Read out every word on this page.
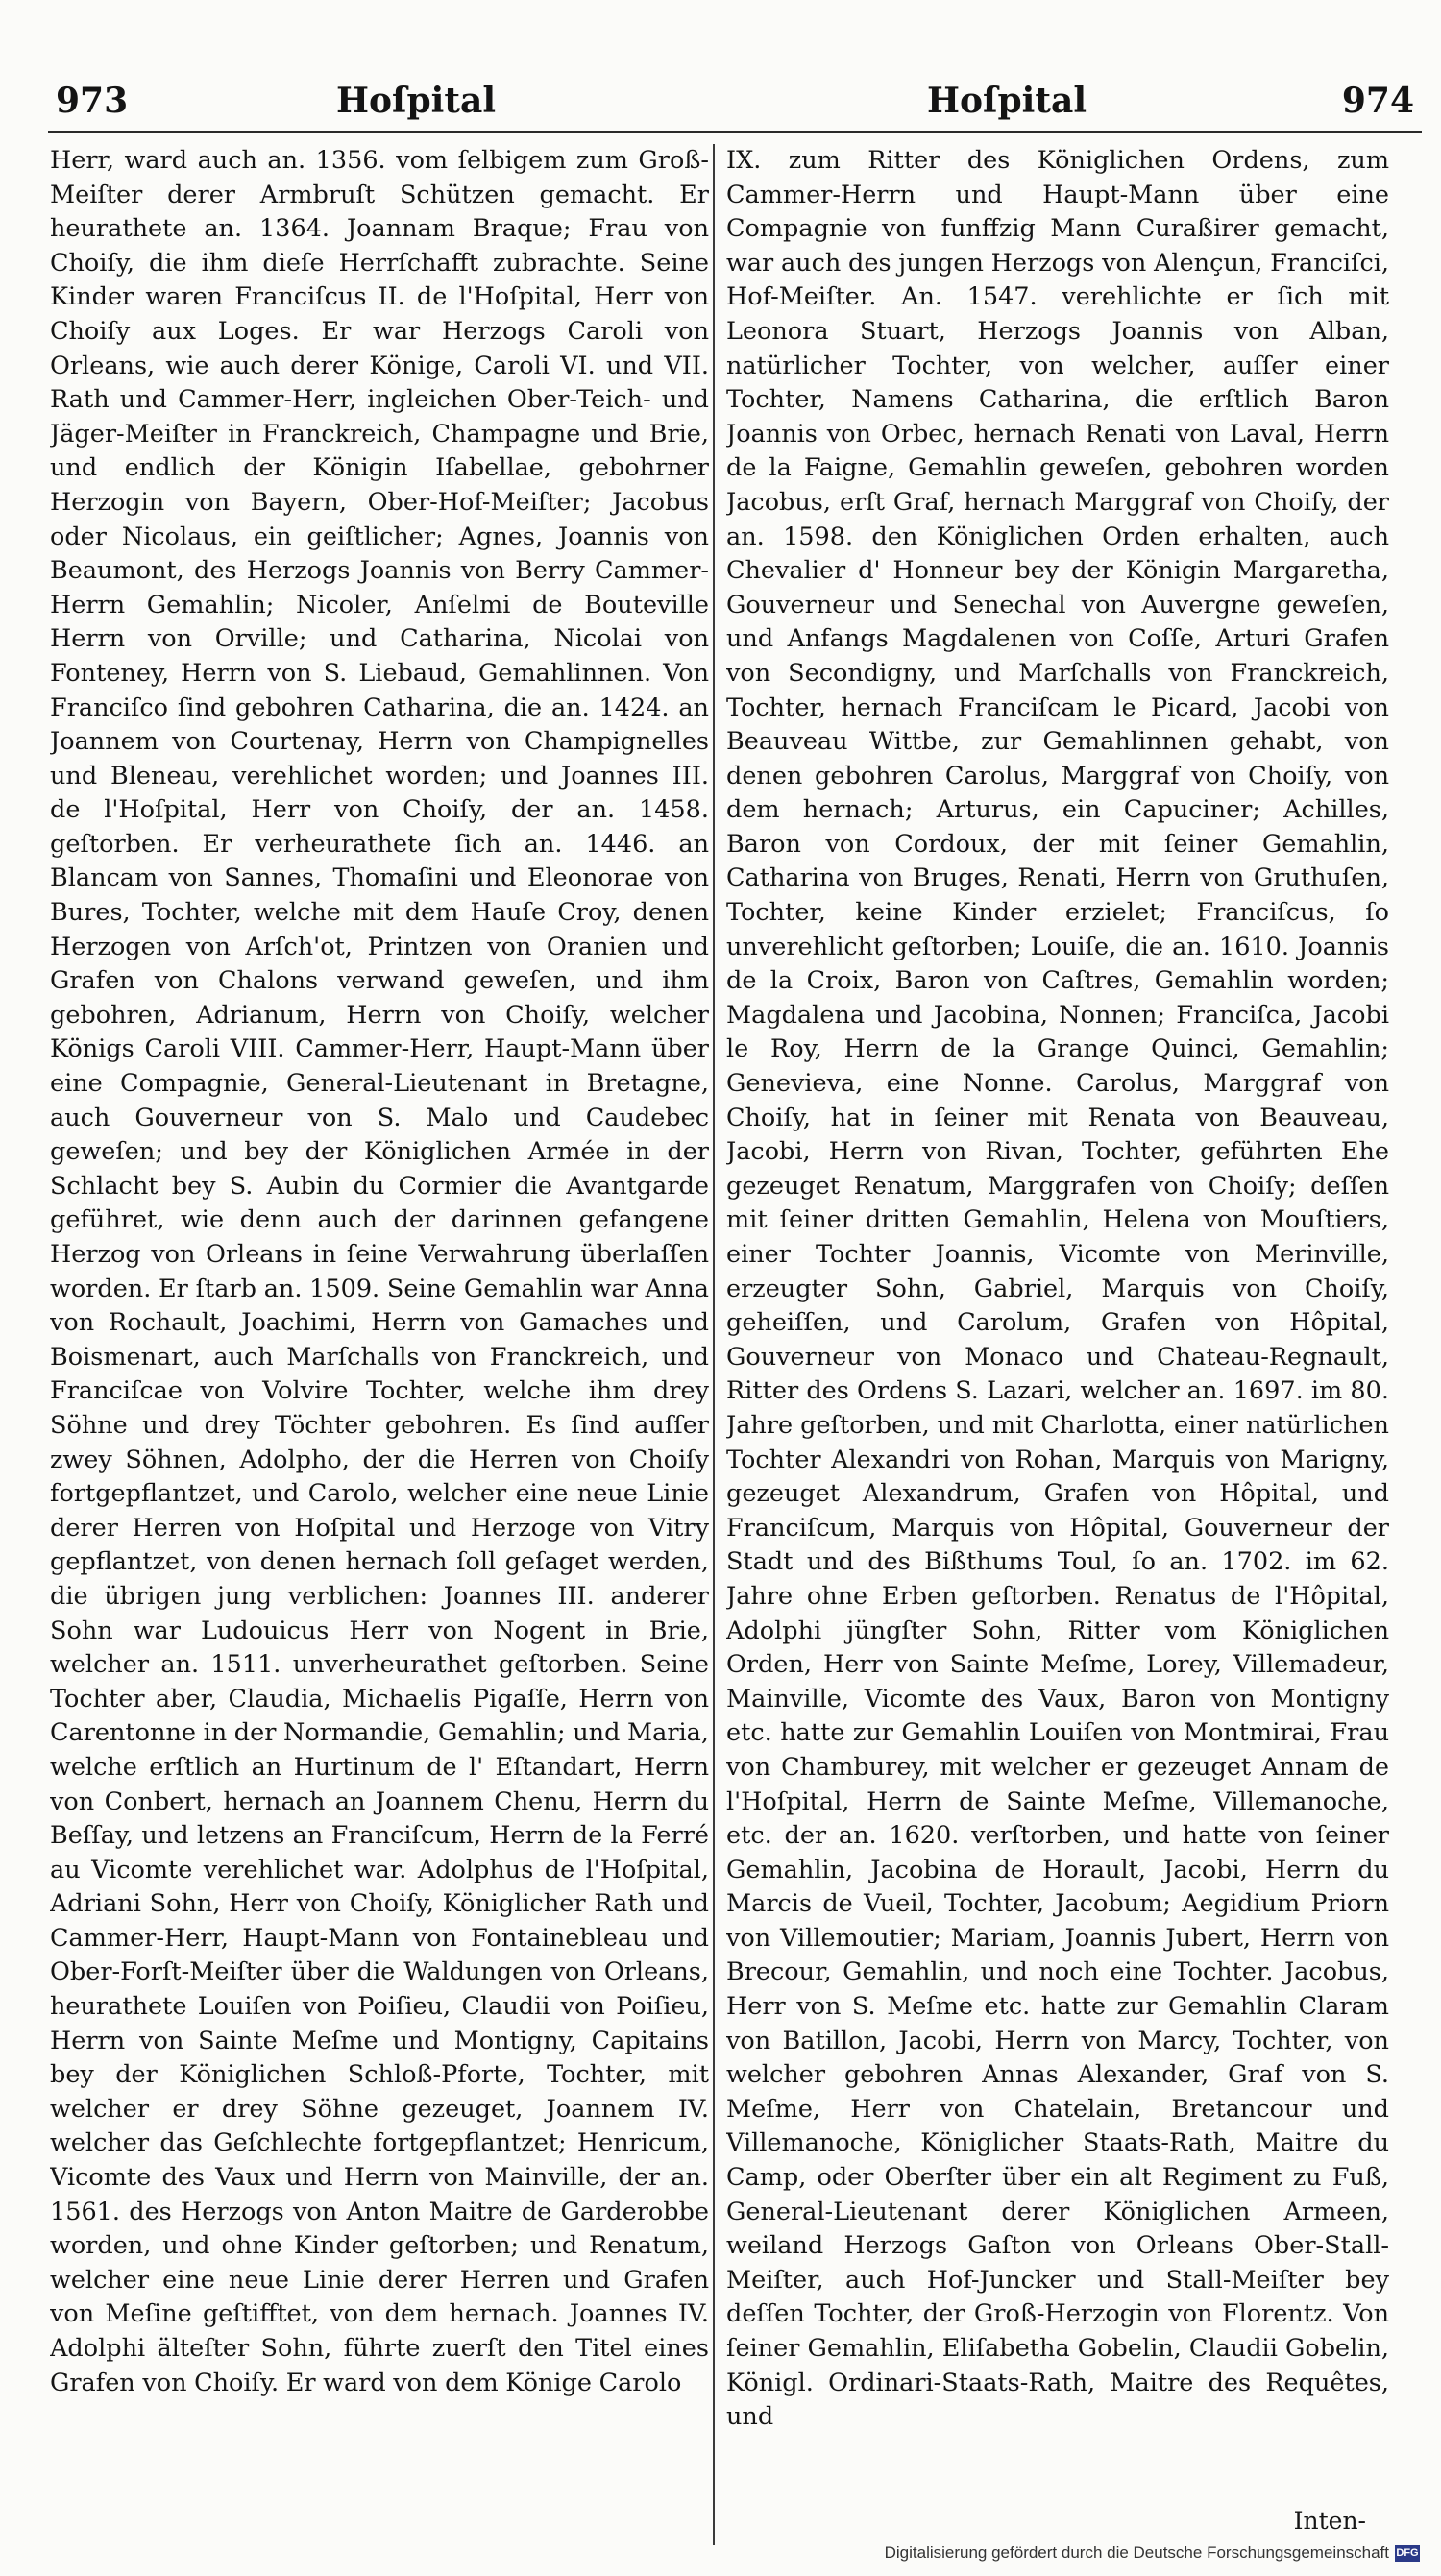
973	Hoſpital	Hoſpital	974

Herr, ward auch an. 1356. vom ſelbigem zum Groß-Meiſter derer Armbruſt Schützen gemacht. Er heurathete an. 1364. Joannam Braque; Frau von Choiſy, die ihm dieſe Herrſchafft zubrachte. Seine Kinder waren Franciſcus II. de l'Hoſpital, Herr von Choiſy aux Loges. Er war Herzogs Caroli von Orleans, wie auch derer Könige, Caroli VI. und VII. Rath und Cammer-Herr, ingleichen Ober-Teich- und Jäger-Meiſter in Franckreich, Champagne und Brie, und endlich der Königin Iſabellae, gebohrner Herzogin von Bayern, Ober-Hof-Meiſter; Jacobus oder Nicolaus, ein geiſtlicher; Agnes, Joannis von Beaumont, des Herzogs Joannis von Berry Cammer-Herrn Gemahlin; Nicoler, Anſelmi de Bouteville Herrn von Orville; und Catharina, Nicolai von Fonteney, Herrn von S. Liebaud, Gemahlinnen. Von Franciſco ſind gebohren Catharina, die an. 1424. an Joannem von Courtenay, Herrn von Champignelles und Bleneau, verehlichet worden; und Joannes III. de l'Hoſpital, Herr von Choiſy, der an. 1458. geſtorben. Er verheurathete ſich an. 1446. an Blancam von Sannes, Thomaſini und Eleonorae von Bures, Tochter, welche mit dem Hauſe Croy, denen Herzogen von Arſch'ot, Printzen von Oranien und Grafen von Chalons verwand geweſen, und ihm gebohren, Adrianum, Herrn von Choiſy, welcher Königs Caroli VIII. Cammer-Herr, Haupt-Mann über eine Compagnie, General-Lieutenant in Bretagne, auch Gouverneur von S. Malo und Caudebec geweſen; und bey der Königlichen Armée in der Schlacht bey S. Aubin du Cormier die Avantgarde geführet, wie denn auch der darinnen gefangene Herzog von Orleans in ſeine Verwahrung überlaſſen worden. Er ſtarb an. 1509. Seine Gemahlin war Anna von Rochault, Joachimi, Herrn von Gamaches und Boismenart, auch Marſchalls von Franckreich, und Franciſcae von Volvire Tochter, welche ihm drey Söhne und drey Töchter gebohren. Es ſind auſſer zwey Söhnen, Adolpho, der die Herren von Choiſy fortgepflantzet, und Carolo, welcher eine neue Linie derer Herren von Hoſpital und Herzoge von Vitry gepflantzet, von denen hernach ſoll geſaget werden, die übrigen jung verblichen: Joannes III. anderer Sohn war Ludouicus Herr von Nogent in Brie, welcher an. 1511. unverheurathet geſtorben. Seine Tochter aber, Claudia, Michaelis Pigaſſe, Herrn von Carentonne in der Normandie, Gemahlin; und Maria, welche erſtlich an Hurtinum de l' Eſtandart, Herrn von Conbert, hernach an Joannem Chenu, Herrn du Beſſay, und letzens an Franciſcum, Herrn de la Ferré au Vicomte verehlichet war. Adolphus de l'Hoſpital, Adriani Sohn, Herr von Choiſy, Königlicher Rath und Cammer-Herr, Haupt-Mann von Fontainebleau und Ober-Forſt-Meiſter über die Waldungen von Orleans, heurathete Louiſen von Poiſieu, Claudii von Poiſieu, Herrn von Sainte Meſme und Montigny, Capitains bey der Königlichen Schloß-Pforte, Tochter, mit welcher er drey Söhne gezeuget, Joannem IV. welcher das Geſchlechte fortgepflantzet; Henricum, Vicomte des Vaux und Herrn von Mainville, der an. 1561. des Herzogs von Anton Maitre de Garderobbe worden, und ohne Kinder geſtorben; und Renatum, welcher eine neue Linie derer Herren und Grafen von Meſine geſtifftet, von dem hernach. Joannes IV. Adolphi älteſter Sohn, führte zuerſt den Titel eines Grafen von Choiſy. Er ward von dem Könige Carolo

IX. zum Ritter des Königlichen Ordens, zum Cammer-Herrn und Haupt-Mann über eine Compagnie von funffzig Mann Curaßirer gemacht, war auch des jungen Herzogs von Alençun, Franciſci, Hof-Meiſter. An. 1547. verehlichte er ſich mit Leonora Stuart, Herzogs Joannis von Alban, natürlicher Tochter, von welcher, auſſer einer Tochter, Namens Catharina, die erſtlich Baron Joannis von Orbec, hernach Renati von Laval, Herrn de la Faigne, Gemahlin geweſen, gebohren worden Jacobus, erſt Graf, hernach Marggraf von Choiſy, der an. 1598. den Königlichen Orden erhalten, auch Chevalier d' Honneur bey der Königin Margaretha, Gouverneur und Senechal von Auvergne geweſen, und Anfangs Magdalenen von Coſſe, Arturi Grafen von Secondigny, und Marſchalls von Franckreich, Tochter, hernach Franciſcam le Picard, Jacobi von Beauveau Wittbe, zur Gemahlinnen gehabt, von denen gebohren Carolus, Marggraf von Choiſy, von dem hernach; Arturus, ein Capuciner; Achilles, Baron von Cordoux, der mit ſeiner Gemahlin, Catharina von Bruges, Renati, Herrn von Gruthuſen, Tochter, keine Kinder erzielet; Franciſcus, ſo unverehlicht geſtorben; Louiſe, die an. 1610. Joannis de la Croix, Baron von Caſtres, Gemahlin worden; Magdalena und Jacobina, Nonnen; Franciſca, Jacobi le Roy, Herrn de la Grange Quinci, Gemahlin; Genevieva, eine Nonne. Carolus, Marggraf von Choiſy, hat in ſeiner mit Renata von Beauveau, Jacobi, Herrn von Rivan, Tochter, geführten Ehe gezeuget Renatum, Marggrafen von Choiſy; deſſen mit ſeiner dritten Gemahlin, Helena von Mouſtiers, einer Tochter Joannis, Vicomte von Merinville, erzeugter Sohn, Gabriel, Marquis von Choiſy, geheiſſen, und Carolum, Grafen von Hôpital, Gouverneur von Monaco und Chateau-Regnault, Ritter des Ordens S. Lazari, welcher an. 1697. im 80. Jahre geſtorben, und mit Charlotta, einer natürlichen Tochter Alexandri von Rohan, Marquis von Marigny, gezeuget Alexandrum, Grafen von Hôpital, und Franciſcum, Marquis von Hôpital, Gouverneur der Stadt und des Bißthums Toul, ſo an. 1702. im 62. Jahre ohne Erben geſtorben. Renatus de l'Hôpital, Adolphi jüngſter Sohn, Ritter vom Königlichen Orden, Herr von Sainte Meſme, Lorey, Villemadeur, Mainville, Vicomte des Vaux, Baron von Montigny etc. hatte zur Gemahlin Louiſen von Montmirai, Frau von Chamburey, mit welcher er gezeuget Annam de l'Hoſpital, Herrn de Sainte Meſme, Villemanoche, etc. der an. 1620. verſtorben, und hatte von ſeiner Gemahlin, Jacobina de Horault, Jacobi, Herrn du Marcis de Vueil, Tochter, Jacobum; Aegidium Priorn von Villemoutier; Mariam, Joannis Jubert, Herrn von Brecour, Gemahlin, und noch eine Tochter. Jacobus, Herr von S. Meſme etc. hatte zur Gemahlin Claram von Batillon, Jacobi, Herrn von Marcy, Tochter, von welcher gebohren Annas Alexander, Graf von S. Meſme, Herr von Chatelain, Bretancour und Villemanoche, Königlicher Staats-Rath, Maitre du Camp, oder Oberſter über ein alt Regiment zu Fuß, General-Lieutenant derer Königlichen Armeen, weiland Herzogs Gaſton von Orleans Ober-Stall-Meiſter, auch Hof-Juncker und Stall-Meiſter bey deſſen Tochter, der Groß-Herzogin von Florentz. Von ſeiner Gemahlin, Eliſabetha Gobelin, Claudii Gobelin, Königl. Ordinari-Staats-Rath, Maitre des Requêtes, und

Inten-
Digitalisierung gefördert durch die Deutsche Forschungsgemeinschaft DFG
